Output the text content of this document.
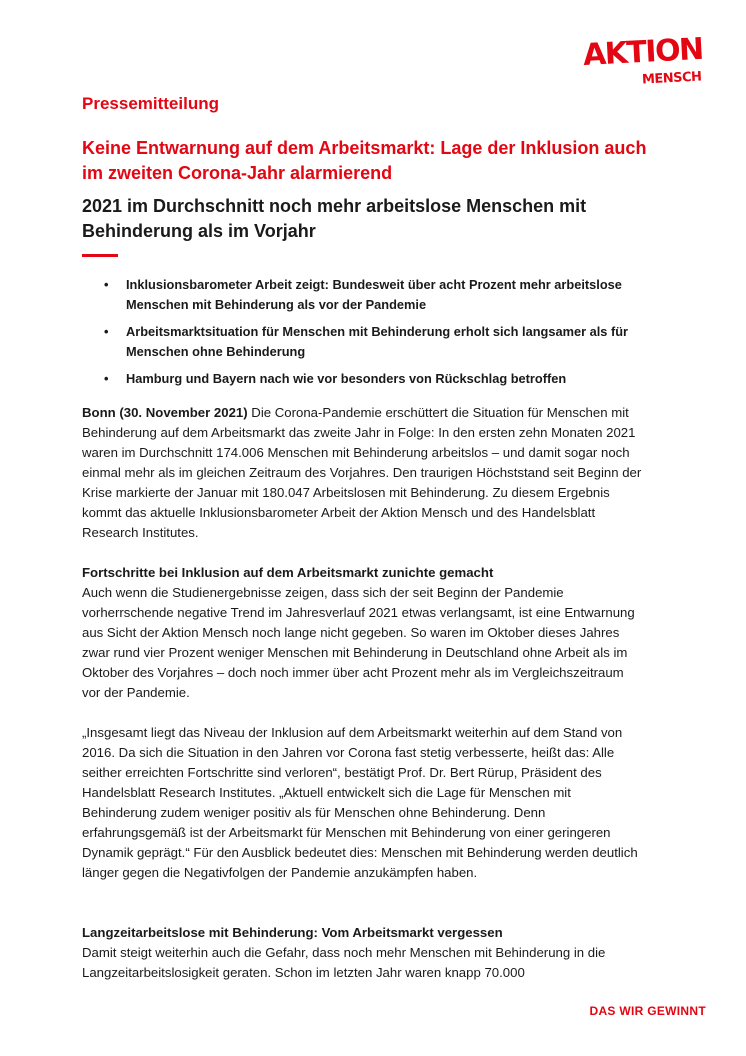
AKTION
MENSCH
Pressemitteilung
Keine Entwarnung auf dem Arbeitsmarkt: Lage der Inklusion auch im zweiten Corona-Jahr alarmierend
2021 im Durchschnitt noch mehr arbeitslose Menschen mit Behinderung als im Vorjahr
• Inklusionsbarometer Arbeit zeigt: Bundesweit über acht Prozent mehr arbeitslose Menschen mit Behinderung als vor der Pandemie
• Arbeitsmarktsituation für Menschen mit Behinderung erholt sich langsamer als für Menschen ohne Behinderung
• Hamburg und Bayern nach wie vor besonders von Rückschlag betroffen

Bonn (30. November 2021) Die Corona-Pandemie erschüttert die Situation für Menschen mit Behinderung auf dem Arbeitsmarkt das zweite Jahr in Folge: In den ersten zehn Monaten 2021 waren im Durchschnitt 174.006 Menschen mit Behinderung arbeitslos – und damit sogar noch einmal mehr als im gleichen Zeitraum des Vorjahres. Den traurigen Höchststand seit Beginn der Krise markierte der Januar mit 180.047 Arbeitslosen mit Behinderung. Zu diesem Ergebnis kommt das aktuelle Inklusionsbarometer Arbeit der Aktion Mensch und des Handelsblatt Research Institutes.

Fortschritte bei Inklusion auf dem Arbeitsmarkt zunichte gemacht

Auch wenn die Studienergebnisse zeigen, dass sich der seit Beginn der Pandemie vorherrschende negative Trend im Jahresverlauf 2021 etwas verlangsamt, ist eine Entwarnung aus Sicht der Aktion Mensch noch lange nicht gegeben. So waren im Oktober dieses Jahres zwar rund vier Prozent weniger Menschen mit Behinderung in Deutschland ohne Arbeit als im Oktober des Vorjahres – doch noch immer über acht Prozent mehr als im Vergleichszeitraum vor der Pandemie.

„Insgesamt liegt das Niveau der Inklusion auf dem Arbeitsmarkt weiterhin auf dem Stand von 2016. Da sich die Situation in den Jahren vor Corona fast stetig verbesserte, heißt das: Alle seither erreichten Fortschritte sind verloren“, bestätigt Prof. Dr. Bert Rürup, Präsident des Handelsblatt Research Institutes. „Aktuell entwickelt sich die Lage für Menschen mit Behinderung zudem weniger positiv als für Menschen ohne Behinderung. Denn erfahrungsgemäß ist der Arbeitsmarkt für Menschen mit Behinderung von einer geringeren Dynamik geprägt.“ Für den Ausblick bedeutet dies: Menschen mit Behinderung werden deutlich länger gegen die Negativfolgen der Pandemie anzukämpfen haben.

Langzeitarbeitslose mit Behinderung: Vom Arbeitsmarkt vergessen

Damit steigt weiterhin auch die Gefahr, dass noch mehr Menschen mit Behinderung in die Langzeitarbeitslosigkeit geraten. Schon im letzten Jahr waren knapp 70.000

DAS WIR GEWINNT
